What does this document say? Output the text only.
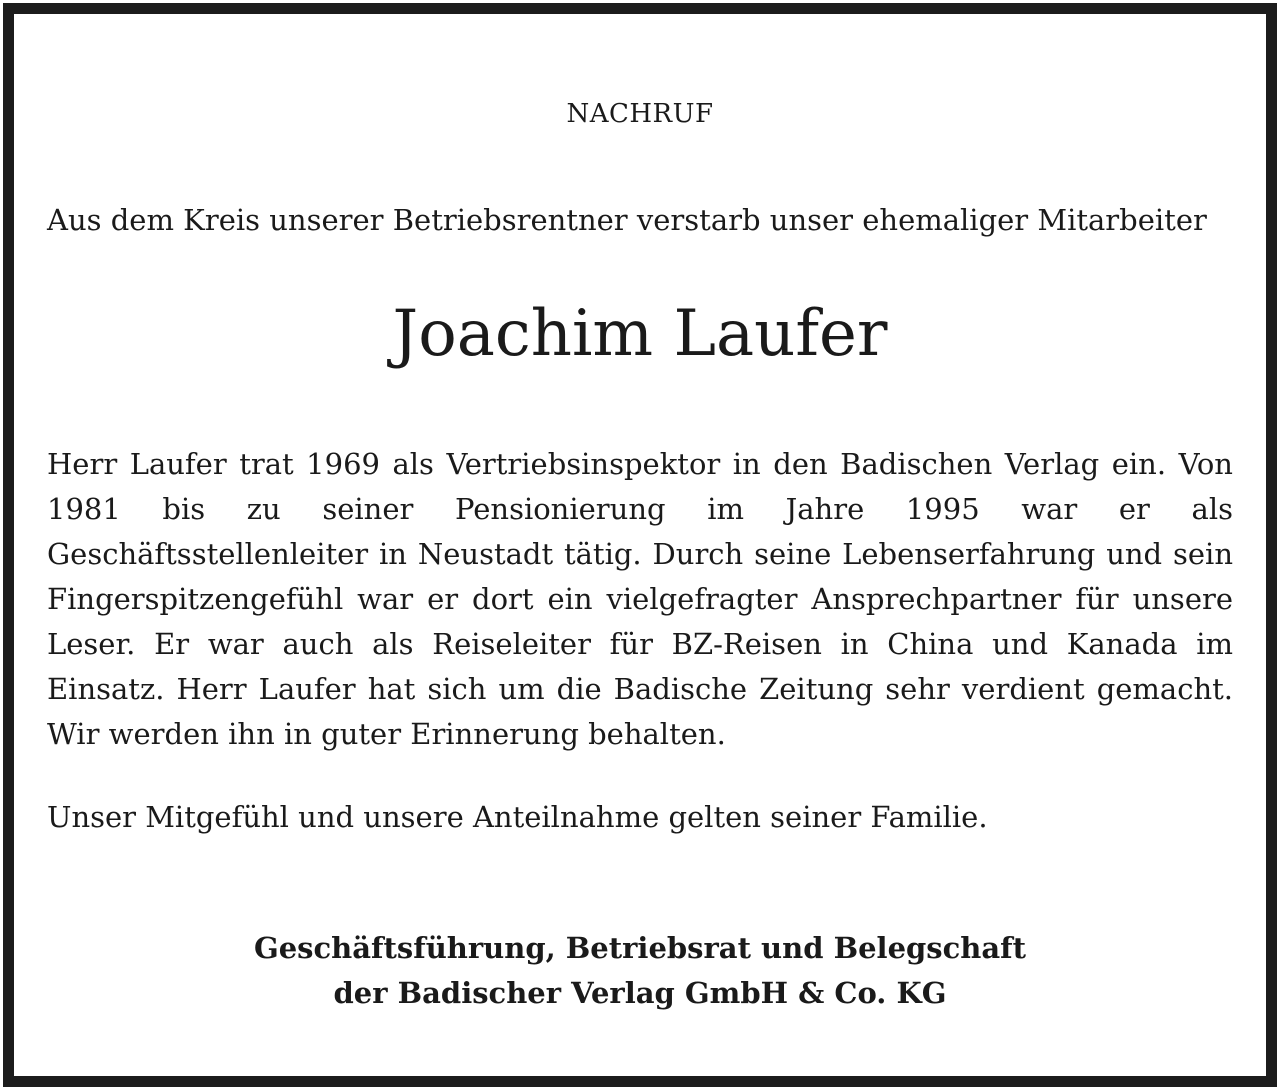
NACHRUF
Aus dem Kreis unserer Betriebsrentner verstarb unser ehemaliger Mitarbeiter
Joachim Laufer

Herr Laufer trat 1969 als Vertriebsinspektor in den Badischen Verlag ein. Von 1981 bis zu seiner Pensionierung im Jahre 1995 war er als Geschäftsstellenleiter in Neustadt tätig. Durch seine Lebenserfahrung und sein Fingerspitzengefühl war er dort ein vielgefragter Ansprechpartner für unsere Leser. Er war auch als Reiseleiter für BZ-Reisen in China und Kanada im Einsatz. Herr Laufer hat sich um die Badische Zeitung sehr verdient gemacht. Wir werden ihn in guter Erinnerung behalten.

Unser Mitgefühl und unsere Anteilnahme gelten seiner Familie.

Geschäftsführung, Betriebsrat und Belegschaft
der Badischer Verlag GmbH & Co. KG
